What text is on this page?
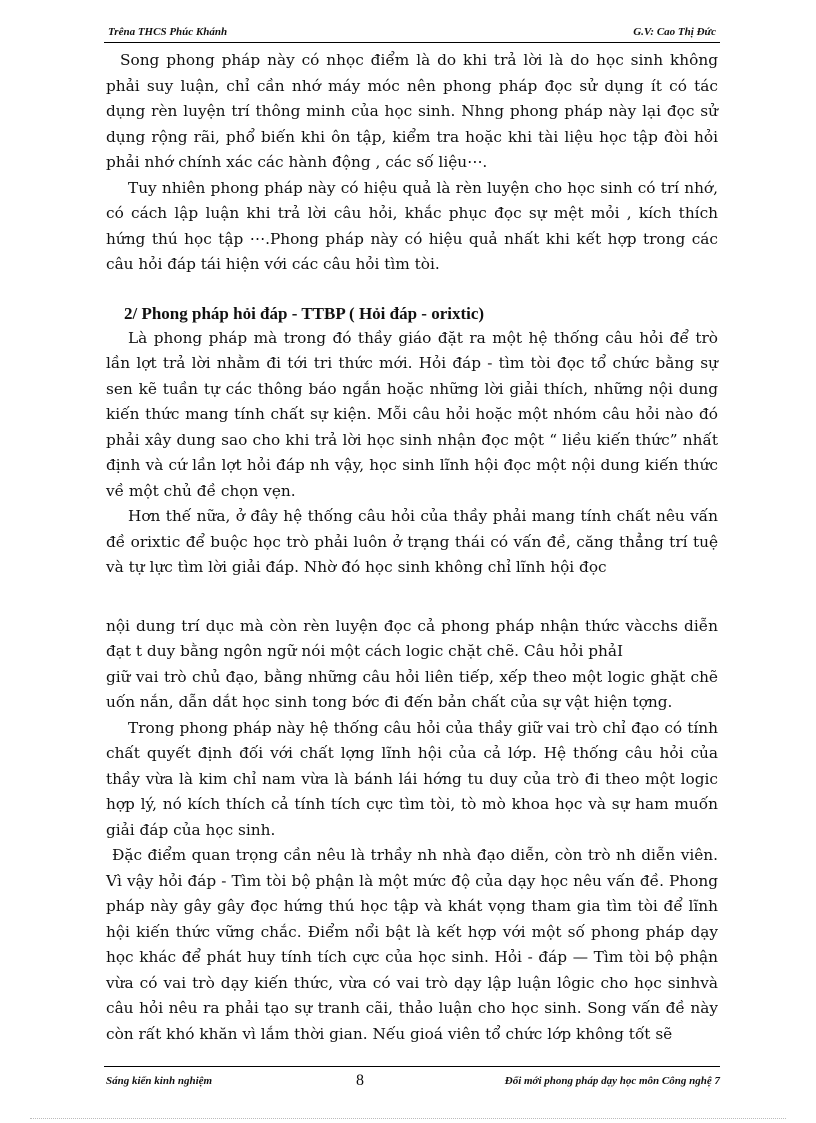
Trêna THCS Phúc Khánh	G.V: Cao Thị Đức

Song phong pháp này có nhọc điểm là do khi trả lời là do học sinh không phải suy luận, chỉ cần nhớ máy móc nên phong pháp đọc sử dụng ít có tác dụng rèn luyện trí thông minh của học sinh. Nhng phong pháp này lại đọc sử dụng rộng rãi, phổ biến khi ôn tập, kiểm tra hoặc khi tài liệu học tập đòi hỏi phải nhớ chính xác các hành động , các số liệu⋯.

Tuy nhiên phong pháp này có hiệu quả là rèn luyện cho học sinh có trí nhớ, có cách lập luận khi trả lời câu hỏi, khắc phục đọc sự mệt mỏi , kích thích hứng thú học tập ⋯.Phong pháp này có hiệu quả nhất khi kết hợp trong các câu hỏi đáp tái hiện với các câu hỏi tìm tòi.

2/ Phong pháp hỏi đáp - TTBP ( Hỏi đáp - orixtic)

Là phong pháp mà trong đó thầy giáo đặt ra một hệ thống câu hỏi để trò lần lợt trả lời nhằm đi tới tri thức mới. Hỏi đáp - tìm tòi đọc tổ chức bằng sự sen kẽ tuần tự các thông báo ngắn hoặc những lời giải thích, những nội dung kiến thức mang tính chất sự kiện. Mỗi câu hỏi hoặc một nhóm câu hỏi nào đó phải xây dung sao cho khi trả lời học sinh nhận đọc một “ liều kiến thức” nhất định và cứ lần lợt hỏi đáp nh vậy, học sinh lĩnh hội đọc một nội dung kiến thức về một chủ đề chọn vẹn.

Hơn thế nữa, ở đây hệ thống câu hỏi của thầy phải mang tính chất nêu vấn đề orixtic để buộc học trò phải luôn ở trạng thái có vấn đề, căng thẳng trí tuệ và tự lực tìm lời giải đáp. Nhờ đó học sinh không chỉ lĩnh hội đọc

nội dung trí dục mà còn rèn luyện đọc cả phong pháp nhận thức vàcchs diễn đạt t duy bằng ngôn ngữ nói một cách logic chặt chẽ. Câu hỏi phảI

giữ vai trò chủ đạo, bằng những câu hỏi liên tiếp, xếp theo một logic ghặt chẽ uốn nắn, dẫn dắt học sinh tong bớc đi đến bản chất của sự vật hiện tợng.

Trong phong pháp này hệ thống câu hỏi của thầy giữ vai trò chỉ đạo có tính chất quyết định đối với chất lợng lĩnh hội của cả lớp. Hệ thống câu hỏi của thầy vừa là kim chỉ nam vừa là bánh lái hớng tu duy của trò đi theo một logic hợp lý, nó kích thích cả tính tích cực tìm tòi, tò mò khoa học và sự ham muốn giải đáp của học sinh.

Đặc điểm quan trọng cần nêu là trhầy nh nhà đạo diễn, còn trò nh diễn viên. Vì vậy hỏi đáp - Tìm tòi bộ phận là một mức độ của dạy học nêu vấn đề. Phong pháp này gây gây đọc hứng thú học tập và khát vọng tham gia tìm tòi để lĩnh hội kiến thức vững chắc. Điểm nổi bật là kết hợp với một số phong pháp dạy học khác để phát huy tính tích cực của học sinh. Hỏi - đáp — Tìm tòi bộ phận vừa có vai trò dạy kiến thức, vừa có vai trò dạy lập luận lôgic cho học sinhvà câu hỏi nêu ra phải tạo sự tranh cãi, thảo luận cho học sinh. Song vấn đề này còn rất khó khăn vì lắm thời gian. Nếu gioá viên tổ chức lớp không tốt sẽ

Sáng kiến kinh nghiệm	8	Đổi mới phong pháp dạy học môn Công nghệ 7
